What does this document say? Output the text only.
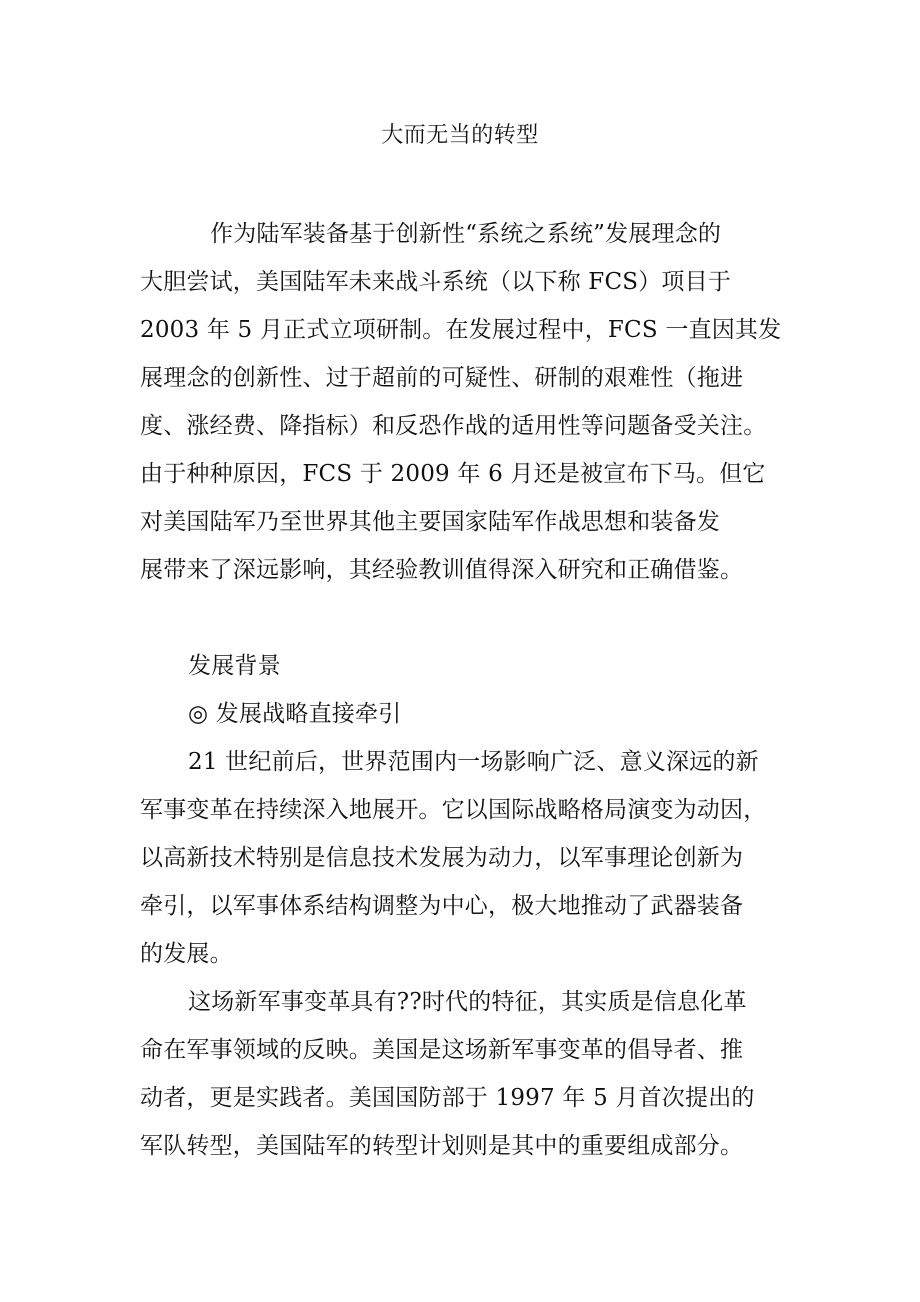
大而无当的转型
作为陆军装备基于创新性“系统之系统”发展理念的
大胆尝试，美国陆军未来战斗系统（以下称 FCS）项目于
2003 年 5 月正式立项研制。在发展过程中，FCS 一直因其发
展理念的创新性、过于超前的可疑性、研制的艰难性（拖进
度、涨经费、降指标）和反恐作战的适用性等问题备受关注。
由于种种原因，FCS 于 2009 年 6 月还是被宣布下马。但它
对美国陆军乃至世界其他主要国家陆军作战思想和装备发
展带来了深远影响，其经验教训值得深入研究和正确借鉴。
发展背景
◎ 发展战略直接牵引
21 世纪前后，世界范围内一场影响广泛、意义深远的新
军事变革在持续深入地展开。它以国际战略格局演变为动因，
以高新技术特别是信息技术发展为动力，以军事理论创新为
牵引，以军事体系结构调整为中心，极大地推动了武器装备
的发展。
这场新军事变革具有??时代的特征，其实质是信息化革
命在军事领域的反映。美国是这场新军事变革的倡导者、推
动者，更是实践者。美国国防部于 1997 年 5 月首次提出的
军队转型，美国陆军的转型计划则是其中的重要组成部分。
